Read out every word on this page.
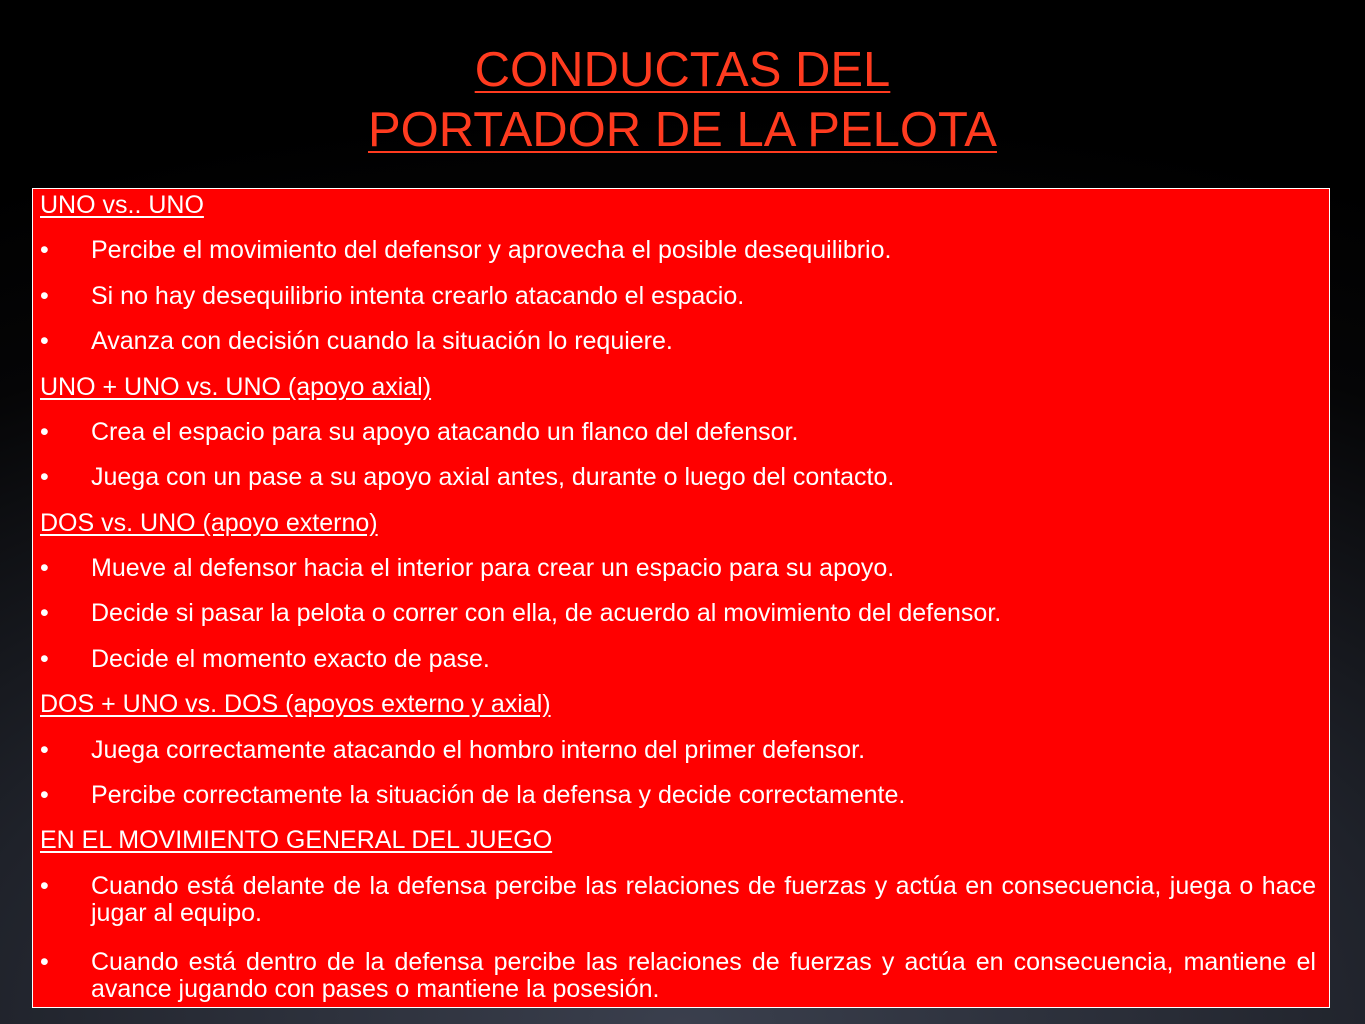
CONDUCTAS DEL
PORTADOR DE LA PELOTA
UNO vs.. UNO
• Percibe el movimiento del defensor y aprovecha el posible desequilibrio.
• Si no hay desequilibrio intenta crearlo atacando el espacio.
• Avanza con decisión cuando la situación lo requiere.
UNO + UNO vs. UNO (apoyo axial)
• Crea el espacio para su apoyo atacando un flanco del defensor.
• Juega con un pase a su apoyo axial antes, durante o luego del contacto.
DOS vs. UNO (apoyo externo)
• Mueve al defensor hacia el interior para crear un espacio para su apoyo.
• Decide si pasar la pelota o correr con ella, de acuerdo al movimiento del defensor.
• Decide el momento exacto de pase.
DOS + UNO vs. DOS (apoyos externo y axial)
• Juega correctamente atacando el hombro interno del primer defensor.
• Percibe correctamente la situación de la defensa y decide correctamente.
EN EL MOVIMIENTO GENERAL DEL JUEGO
• Cuando está delante de la defensa percibe las relaciones de fuerzas y actúa en consecuencia, juega o hace jugar al equipo.
• Cuando está dentro de la defensa percibe las relaciones de fuerzas y actúa en consecuencia, mantiene el avance jugando con pases o mantiene la posesión.
